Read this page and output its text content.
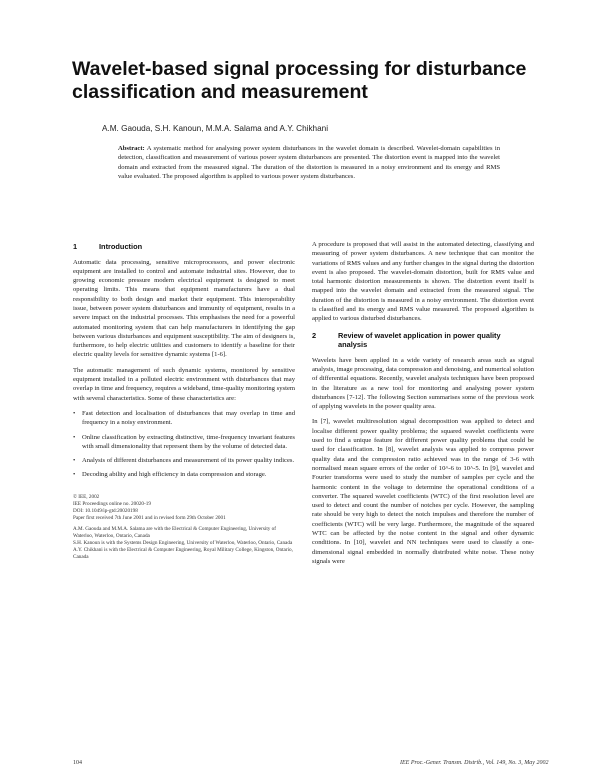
Wavelet-based signal processing for disturbance classification and measurement
A.M. Gaouda, S.H. Kanoun, M.M.A. Salama and A.Y. Chikhani

Abstract: A systematic method for analysing power system disturbances in the wavelet domain is described. Wavelet-domain capabilities in detection, classification and measurement of various power system disturbances are presented. The distortion event is mapped into the wavelet domain and extracted from the measured signal. The duration of the distortion is measured in a noisy environment and its energy and RMS value evaluated. The proposed algorithm is applied to various power system disturbances.

1	Introduction

Automatic data processing, sensitive microprocessors, and power electronic equipment are installed to control and automate industrial sites. However, due to growing economic pressure modern electrical equipment is designed to meet operating limits. This means that equipment manufacturers have a dual responsibility to both design and market their equipment. This interoperability issue, between power system disturbances and immunity of equipment, results in a severe impact on the industrial processes. This emphasises the need for a powerful automated monitoring system that can help manufacturers in identifying the gap between various disturbances and equipment susceptibility. The aim of designers is, furthermore, to help electric utilities and customers to identify a baseline for their electric quality levels for sensitive dynamic systems [1-6].

The automatic management of such dynamic systems, monitored by sensitive equipment installed in a polluted electric environment with disturbances that may overlap in time and frequency, requires a wideband, time-quality monitoring system with several characteristics. Some of these characteristics are:

• Fast detection and localisation of disturbances that may overlap in time and frequency in a noisy environment.
• Online classification by extracting distinctive, time-frequency invariant features with small dimensionality that represent them by the volume of detected data.
• Analysis of different disturbances and measurement of its power quality indices.
• Decoding ability and high efficiency in data compression and storage.
© IEE, 2002
IEE Proceedings online no. 20020-19
DOI: 10.1049/ip-gtd:20020198
Paper first received 7th June 2001 and in revised form 29th October 2001
A.M. Gaouda and M.M.A. Salama are with the Electrical & Computer Engineering, University of Waterloo, Waterloo, Ontario, Canada
S.H. Kanoun is with the Systems Design Engineering, University of Waterloo, Waterloo, Ontario, Canada
A.Y. Chikhani is with the Electrical & Computer Engineering, Royal Military College, Kingston, Ontario, Canada

A procedure is proposed that will assist in the automated detecting, classifying and measuring of power system disturbances. A new technique that can monitor the variations of RMS values and any further changes in the signal during the distortion event is also proposed. The wavelet-domain distortion, built for RMS value and total harmonic distortion measurements is shown. The distortion event itself is mapped into the wavelet domain and extracted from the measured signal. The duration of the distortion is measured in a noisy environment. The distortion event is classified and its energy and RMS value measured. The proposed algorithm is applied to various disturbed disturbances.

2	Review of wavelet application in power quality analysis

Wavelets have been applied in a wide variety of research areas such as signal analysis, image processing, data compression and denoising, and numerical solution of differential equations. Recently, wavelet analysis techniques have been proposed in the literature as a new tool for monitoring and analysing power system disturbances [7-12]. The following Section summarises some of the previous work of applying wavelets in the power quality area.

In [7], wavelet multiresolution signal decomposition was applied to detect and localise different power quality problems; the squared wavelet coefficients were used to find a unique feature for different power quality problems that could be used for classification. In [8], wavelet analysis was applied to compress power quality data and the compression ratio achieved was in the range of 3-6 with normalised mean square errors of the order of 10^-6 to 10^-5. In [9], wavelet and Fourier transforms were used to study the number of samples per cycle and the harmonic content in the voltage to determine the operational conditions of a converter. The squared wavelet coefficients (WTC) of the first resolution level are used to detect and count the number of notches per cycle. However, the sampling rate should be very high to detect the notch impulses and therefore the number of coefficients (WTC) will be very large. Furthermore, the magnitude of the squared WTC can be affected by the noise content in the signal and other dynamic conditions. In [10], wavelet and NN techniques were used to classify a one-dimensional signal embedded in normally distributed white noise. These noisy signals were

104	IEE Proc.-Gener. Transm. Distrib., Vol. 149, No. 3, May 2002
